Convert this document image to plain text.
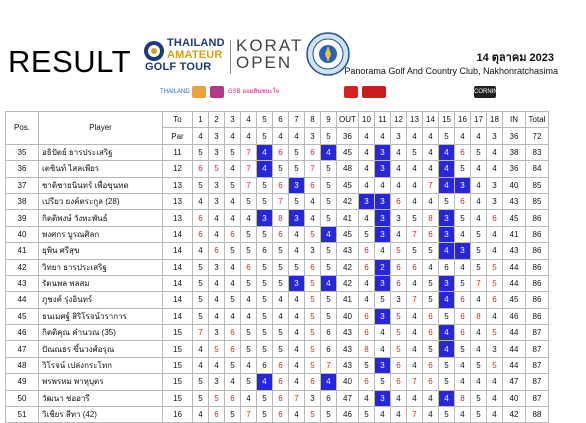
RESULT
THAILAND
AMATEUR
GOLF TOUR
KORAT
OPEN	14 ตุลาคม 2023
Panorama Golf And Country Club, Nakhonratchasima
THAILAND	GSB ออมสินชนะใจ	CORNING
Pos.	Player	To	1	2	3	4	5	6	7	8	9	OUT	10	11	12	13	14	15	16	17	18	IN	Total
		Par	4	3	4	4	5	4	4	3	5	36	4	4	3	4	4	5	4	4	3	36	72
35	อธิปัตย์ ธารประเสริฐ	11	5	3	5	7	4	6	5	6	4	45	4	3	4	5	4	4	6	5	4	38	83
36	เตชินท์ ไสลเพียร	12	6	5	4	7	4	5	5	7	5	48	4	3	4	4	4	4	5	4	4	36	84
37	ชาติชายนินทร์ เพื่อขุนทด	13	5	3	5	7	5	6	3	6	5	45	4	4	4	4	7	4	3	4	3	40	85
38	เปรียว ยงค์ตระกูล (28)	13	4	3	4	5	5	7	5	4	5	42	3	3	6	4	4	5	6	4	3	43	85
39	กิตติพงษ์ วังทะพันธ์	13	6	4	4	4	3	8	3	4	5	41	4	3	3	5	8	3	5	4	6	45	86
40	พงศกร บูรณศิลก	14	6	4	6	5	5	6	4	5	4	45	5	3	4	7	6	3	4	5	4	41	86
41	ยุพิน ศรีสุข	14	4	6	5	5	6	5	4	3	5	43	6	4	5	5	5	4	3	5	4	43	86
42	วิทยา ธารประเสริฐ	14	5	3	4	6	5	5	5	6	5	42	6	2	6	6	4	6	4	5	5	44	86
43	รัตนพล พลสม	14	5	4	4	5	5	5	3	5	4	42	4	3	6	4	5	3	5	7	5	44	86
44	ภูชงค์ รุ่งอินทร์	14	5	4	5	4	5	4	4	5	5	41	4	5	3	7	5	4	6	4	6	45	86
45	ธนเมศฐ์ สิริโรจน์วราการ	14	5	4	4	4	5	4	4	5	5	40	6	3	5	4	6	5	6	8	4	46	86
46	กิตติคุณ คำนวณ (35)	15	7	3	6	5	5	5	4	5	6	43	6	4	5	4	6	4	6	4	5	44	87
47	ปัณณธร ขึ้นวงศ์อรุณ	15	4	5	6	5	5	5	4	5	6	43	8	4	5	4	5	4	5	4	3	44	87
48	วิโรจน์ เปล่งกระโทก	15	4	4	5	4	6	6	4	5	7	43	5	3	6	4	6	5	4	5	5	44	87
49	พรพรหม พาหุบุตร	15	5	3	4	5	4	6	4	6	4	40	6	5	6	7	6	5	4	4	4	47	87
50	วัฒนา ช่ออารี	15	5	5	6	4	5	6	7	3	6	47	4	3	4	4	4	4	8	5	4	40	87
51	วิเชียร สีทา (42)	16	4	6	5	7	5	6	4	5	5	46	5	4	4	7	4	5	4	5	4	42	88
